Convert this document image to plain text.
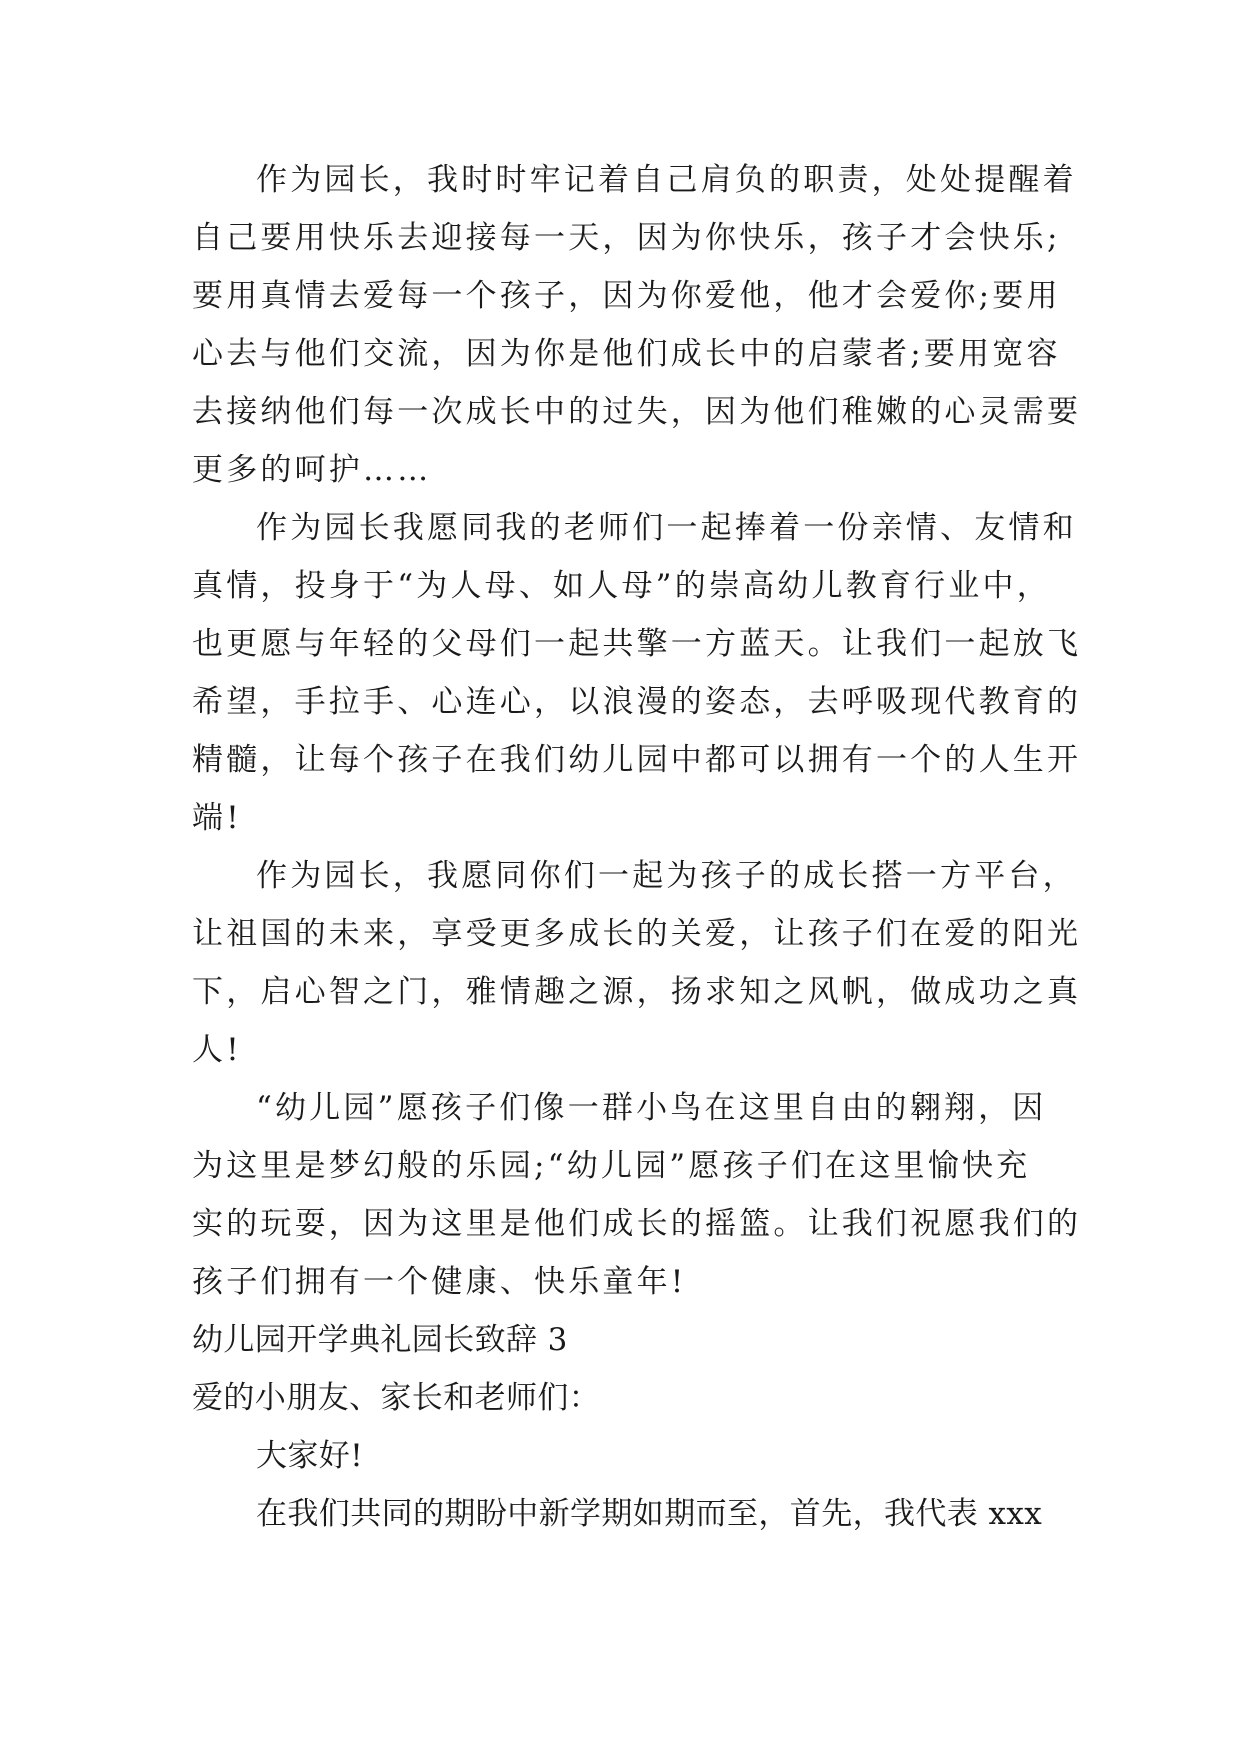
作为园长，我时时牢记着自己肩负的职责，处处提醒着
自己要用快乐去迎接每一天，因为你快乐，孩子才会快乐;
要用真情去爱每一个孩子，因为你爱他，他才会爱你;要用
心去与他们交流，因为你是他们成长中的启蒙者;要用宽容
去接纳他们每一次成长中的过失，因为他们稚嫩的心灵需要
更多的呵护……
作为园长我愿同我的老师们一起捧着一份亲情、友情和
真情，投身于“为人母、如人母”的崇高幼儿教育行业中，
也更愿与年轻的父母们一起共擎一方蓝天。让我们一起放飞
希望，手拉手、心连心，以浪漫的姿态，去呼吸现代教育的
精髓，让每个孩子在我们幼儿园中都可以拥有一个的人生开
端!
作为园长，我愿同你们一起为孩子的成长搭一方平台，
让祖国的未来，享受更多成长的关爱，让孩子们在爱的阳光
下，启心智之门，雅情趣之源，扬求知之风帆，做成功之真
人!
“幼儿园”愿孩子们像一群小鸟在这里自由的翱翔，因
为这里是梦幻般的乐园;“幼儿园”愿孩子们在这里愉快充
实的玩耍，因为这里是他们成长的摇篮。让我们祝愿我们的
孩子们拥有一个健康、快乐童年!
幼儿园开学典礼园长致辞 3
爱的小朋友、家长和老师们：
大家好!
在我们共同的期盼中新学期如期而至，首先，我代表 xxx
